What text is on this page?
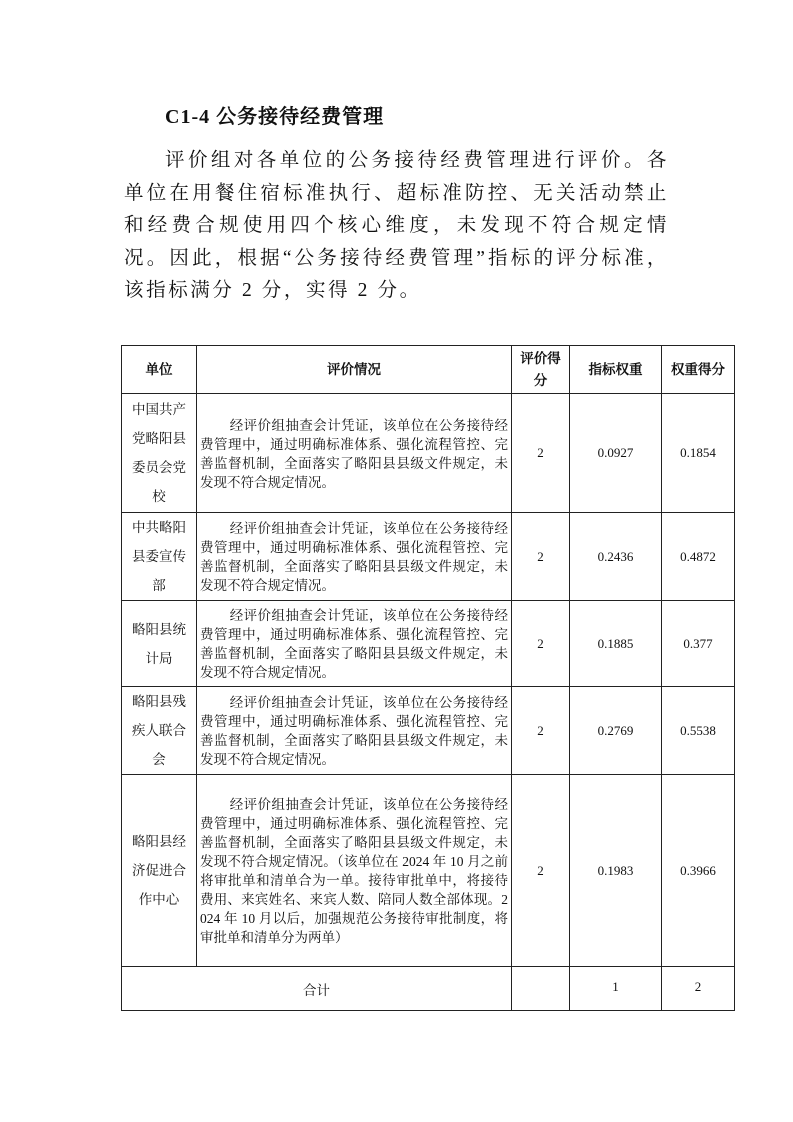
C1-4 公务接待经费管理
评价组对各单位的公务接待经费管理进行评价。各单位在用餐住宿标准执行、超标准防控、无关活动禁止和经费合规使用四个核心维度，未发现不符合规定情况。因此，根据“公务接待经费管理”指标的评分标准，该指标满分 2 分，实得 2 分。
单位	评价情况	评价得分	指标权重	权重得分
中国共产党略阳县委员会党校	经评价组抽查会计凭证，该单位在公务接待经费管理中，通过明确标准体系、强化流程管控、完善监督机制，全面落实了略阳县县级文件规定，未发现不符合规定情况。	2	0.0927	0.1854
中共略阳县委宣传部	经评价组抽查会计凭证，该单位在公务接待经费管理中，通过明确标准体系、强化流程管控、完善监督机制，全面落实了略阳县县级文件规定，未发现不符合规定情况。	2	0.2436	0.4872
略阳县统计局	经评价组抽查会计凭证，该单位在公务接待经费管理中，通过明确标准体系、强化流程管控、完善监督机制，全面落实了略阳县县级文件规定，未发现不符合规定情况。	2	0.1885	0.377
略阳县残疾人联合会	经评价组抽查会计凭证，该单位在公务接待经费管理中，通过明确标准体系、强化流程管控、完善监督机制，全面落实了略阳县县级文件规定，未发现不符合规定情况。	2	0.2769	0.5538
略阳县经济促进合作中心	经评价组抽查会计凭证，该单位在公务接待经费管理中，通过明确标准体系、强化流程管控、完善监督机制，全面落实了略阳县县级文件规定，未发现不符合规定情况。（该单位在 2024 年 10 月之前将审批单和清单合为一单。接待审批单中，将接待费用、来宾姓名、来宾人数、陪同人数全部体现。2024 年 10 月以后，加强规范公务接待审批制度，将审批单和清单分为两单）	2	0.1983	0.3966
合计			1	2
